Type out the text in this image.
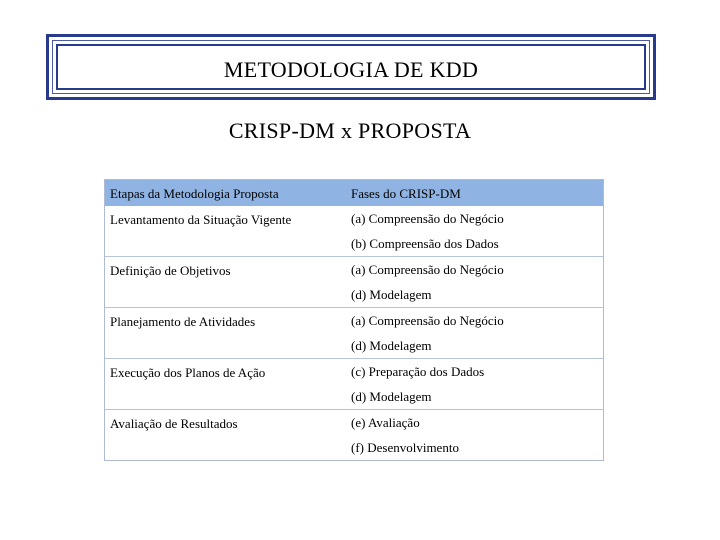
METODOLOGIA DE KDD
CRISP-DM x PROPOSTA
Etapas da Metodologia Proposta	Fases do CRISP-DM
Levantamento da Situação Vigente	(a) Compreensão do Negócio
(b) Compreensão dos Dados
Definição de Objetivos	(a) Compreensão do Negócio
(d) Modelagem
Planejamento de Atividades	(a) Compreensão do Negócio
(d) Modelagem
Execução dos Planos de Ação	(c) Preparação dos Dados
(d) Modelagem
Avaliação de Resultados	(e) Avaliação
(f) Desenvolvimento
